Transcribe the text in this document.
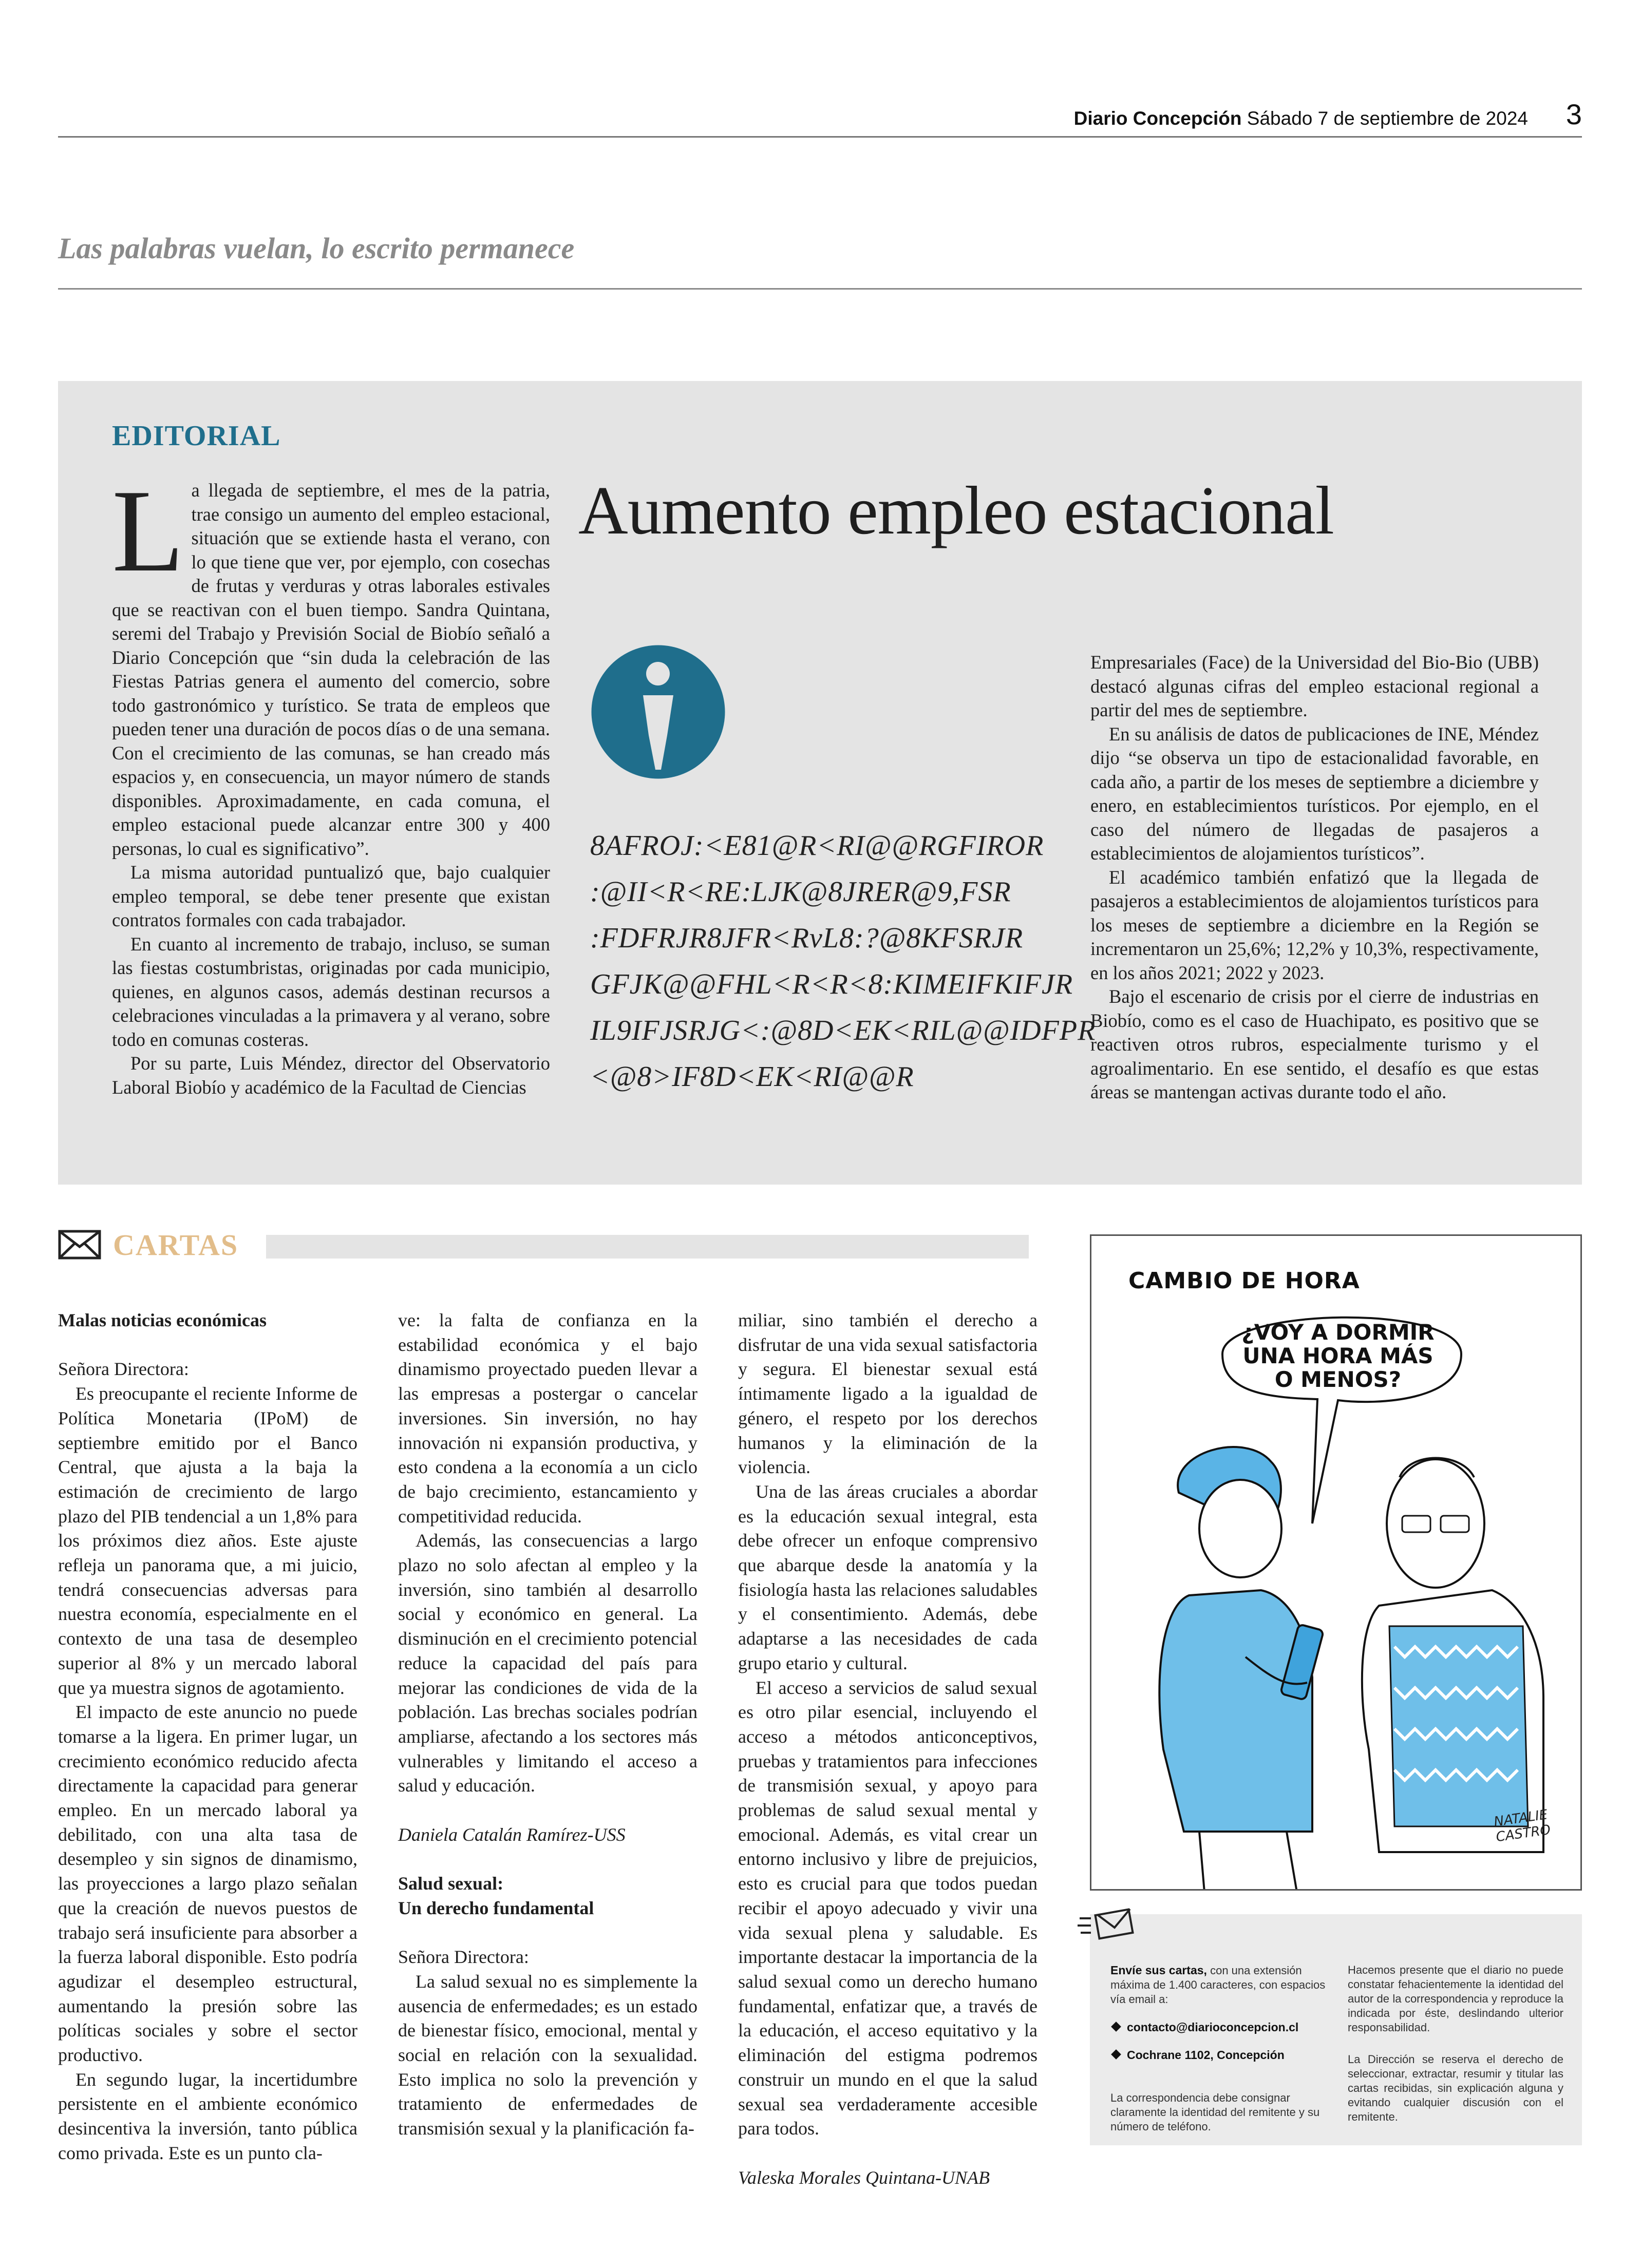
Diario Concepción Sábado 7 de septiembre de 2024 3
Las palabras vuelan, lo escrito permanece
EDITORIAL

La llegada de septiembre, el mes de la patria, trae consigo un aumento del empleo estacional, situación que se extiende hasta el verano, con lo que tiene que ver, por ejemplo, con cosechas de frutas y verduras y otras laborales estivales que se reactivan con el buen tiempo. Sandra Quintana, seremi del Trabajo y Previsión Social de Biobío señaló a Diario Concepción que “sin duda la celebración de las Fiestas Patrias genera el aumento del comercio, sobre todo gastronómico y turístico. Se trata de empleos que pueden tener una duración de pocos días o de una semana. Con el crecimiento de las comunas, se han creado más espacios y, en consecuencia, un mayor número de stands disponibles. Aproximadamente, en cada comuna, el empleo estacional puede alcanzar entre 300 y 400 personas, lo cual es significativo”.

La misma autoridad puntualizó que, bajo cualquier empleo temporal, se debe tener presente que existan contratos formales con cada trabajador.

En cuanto al incremento de trabajo, incluso, se suman las fiestas costumbristas, originadas por cada municipio, quienes, en algunos casos, además destinan recursos a celebraciones vinculadas a la primavera y al verano, sobre todo en comunas costeras.

Por su parte, Luis Méndez, director del Observatorio Laboral Biobío y académico de la Facultad de Ciencias

Aumento empleo estacional
8AFROJ:<E81@R<RI@@RGFIROR
:@II<R<RE:LJK@8JRER@9,FSR
:FDFRJR8JFR<RvL8:?@8KFSRJR
GFJK@@FHL<R<R<8:KIMEIFKIFJR
IL9IFJSRJG<:@8D<EK<RIL@@IDFPR
<@8>IF8D<EK<RI@@R

Empresariales (Face) de la Universidad del Bio-Bio (UBB) destacó algunas cifras del empleo estacional regional a partir del mes de septiembre.

En su análisis de datos de publicaciones de INE, Méndez dijo “se observa un tipo de estacionalidad favorable, en cada año, a partir de los meses de septiembre a diciembre y enero, en establecimientos turísticos. Por ejemplo, en el caso del número de llegadas de pasajeros a establecimientos de alojamientos turísticos”.

El académico también enfatizó que la llegada de pasajeros a establecimientos de alojamientos turísticos para los meses de septiembre a diciembre en la Región se incrementaron un 25,6%; 12,2% y 10,3%, respectivamente, en los años 2021; 2022 y 2023.

Bajo el escenario de crisis por el cierre de industrias en Biobío, como es el caso de Huachipato, es positivo que se reactiven otros rubros, especialmente turismo y el agroalimentario. En ese sentido, el desafío es que estas áreas se mantengan activas durante todo el año.

CARTAS

Malas noticias económicas

Señora Directora:

Es preocupante el reciente Informe de Política Monetaria (IPoM) de septiembre emitido por el Banco Central, que ajusta a la baja la estimación de crecimiento de largo plazo del PIB tendencial a un 1,8% para los próximos diez años. Este ajuste refleja un panorama que, a mi juicio, tendrá consecuencias adversas para nuestra economía, especialmente en el contexto de una tasa de desempleo superior al 8% y un mercado laboral que ya muestra signos de agotamiento.

El impacto de este anuncio no puede tomarse a la ligera. En primer lugar, un crecimiento económico reducido afecta directamente la capacidad para generar empleo. En un mercado laboral ya debilitado, con una alta tasa de desempleo y sin signos de dinamismo, las proyecciones a largo plazo señalan que la creación de nuevos puestos de trabajo será insuficiente para absorber a la fuerza laboral disponible. Esto podría agudizar el desempleo estructural, aumentando la presión sobre las políticas sociales y sobre el sector productivo.

En segundo lugar, la incertidumbre persistente en el ambiente económico desincentiva la inversión, tanto pública como privada. Este es un punto cla-

ve: la falta de confianza en la estabilidad económica y el bajo dinamismo proyectado pueden llevar a las empresas a postergar o cancelar inversiones. Sin inversión, no hay innovación ni expansión productiva, y esto condena a la economía a un ciclo de bajo crecimiento, estancamiento y competitividad reducida.

Además, las consecuencias a largo plazo no solo afectan al empleo y la inversión, sino también al desarrollo social y económico en general. La disminución en el crecimiento potencial reduce la capacidad del país para mejorar las condiciones de vida de la población. Las brechas sociales podrían ampliarse, afectando a los sectores más vulnerables y limitando el acceso a salud y educación.

Daniela Catalán Ramírez-USS

Salud sexual:

Un derecho fundamental

Señora Directora:

La salud sexual no es simplemente la ausencia de enfermedades; es un estado de bienestar físico, emocional, mental y social en relación con la sexualidad. Esto implica no solo la prevención y tratamiento de enfermedades de transmisión sexual y la planificación fa-

miliar, sino también el derecho a disfrutar de una vida sexual satisfactoria y segura. El bienestar sexual está íntimamente ligado a la igualdad de género, el respeto por los derechos humanos y la eliminación de la violencia.

Una de las áreas cruciales a abordar es la educación sexual integral, esta debe ofrecer un enfoque comprensivo que abarque desde la anatomía y la fisiología hasta las relaciones saludables y el consentimiento. Además, debe adaptarse a las necesidades de cada grupo etario y cultural.

El acceso a servicios de salud sexual es otro pilar esencial, incluyendo el acceso a métodos anticonceptivos, pruebas y tratamientos para infecciones de transmisión sexual, y apoyo para problemas de salud sexual mental y emocional. Además, es vital crear un entorno inclusivo y libre de prejuicios, esto es crucial para que todos puedan recibir el apoyo adecuado y vivir una vida sexual plena y saludable. Es importante destacar la importancia de la salud sexual como un derecho humano fundamental, enfatizar que, a través de la educación, el acceso equitativo y la eliminación del estigma podremos construir un mundo en el que la salud sexual sea verdaderamente accesible para todos.

Valeska Morales Quintana-UNAB

CAMBIO DE HORA
¿VOY A DORMIR UNA HORA MÁS O MENOS?
NATALIE CASTRO
Envíe sus cartas, con una extensión máxima de 1.400 caracteres, con espacios vía email a:
contacto@diarioconcepcion.cl
Cochrane 1102, Concepción
La correspondencia debe consignar claramente la identidad del remitente y su número de teléfono.

Hacemos presente que el diario no puede constatar fehacientemente la identidad del autor de la correspondencia y reproduce la indicada por éste, deslindando ulterior responsabilidad.

La Dirección se reserva el derecho de seleccionar, extractar, resumir y titular las cartas recibidas, sin explicación alguna y evitando cualquier discusión con el remitente.
